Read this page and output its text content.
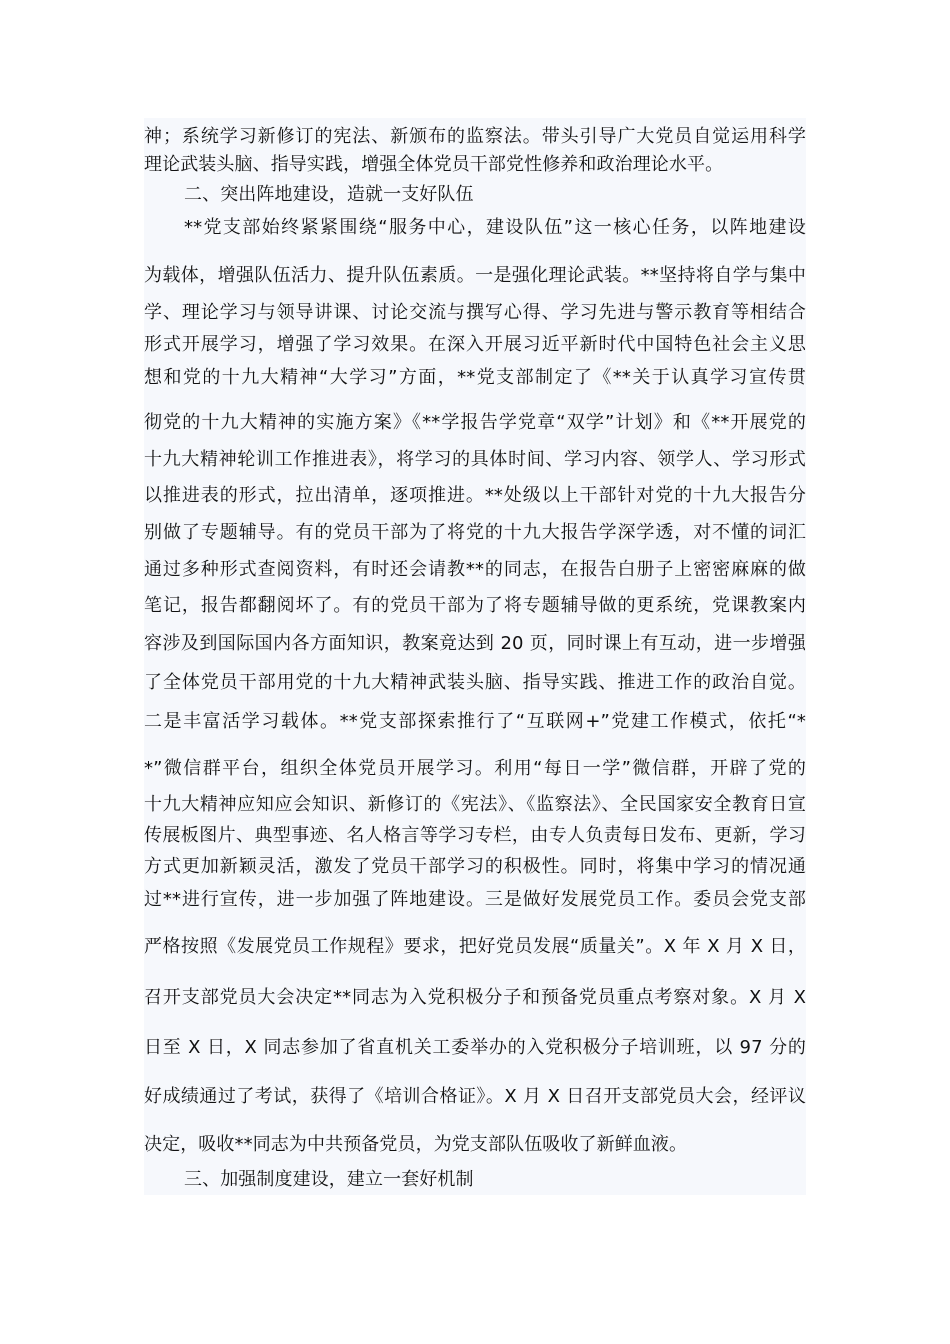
神；系统学习新修订的宪法、新颁布的监察法。带头引导广大党员自觉运用科学
理论武装头脑、指导实践，增强全体党员干部党性修养和政治理论水平。
二、突出阵地建设，造就一支好队伍
**党支部始终紧紧围绕“服务中心，建设队伍”这一核心任务，以阵地建设
为载体，增强队伍活力、提升队伍素质。一是强化理论武装。**坚持将自学与集中
学、理论学习与领导讲课、讨论交流与撰写心得、学习先进与警示教育等相结合
形式开展学习，增强了学习效果。在深入开展习近平新时代中国特色社会主义思
想和党的十九大精神“大学习”方面，**党支部制定了《**关于认真学习宣传贯
彻党的十九大精神的实施方案》《**学报告学党章“双学”计划》和《**开展党的
十九大精神轮训工作推进表》，将学习的具体时间、学习内容、领学人、学习形式
以推进表的形式，拉出清单，逐项推进。**处级以上干部针对党的十九大报告分
别做了专题辅导。有的党员干部为了将党的十九大报告学深学透，对不懂的词汇
通过多种形式查阅资料，有时还会请教**的同志，在报告白册子上密密麻麻的做
笔记，报告都翻阅坏了。有的党员干部为了将专题辅导做的更系统，党课教案内
容涉及到国际国内各方面知识，教案竟达到 20 页，同时课上有互动，进一步增强
了全体党员干部用党的十九大精神武装头脑、指导实践、推进工作的政治自觉。
二是丰富活学习载体。**党支部探索推行了“互联网+”党建工作模式，依托“*
*”微信群平台，组织全体党员开展学习。利用“每日一学”微信群，开辟了党的
十九大精神应知应会知识、新修订的《宪法》、《监察法》、全民国家安全教育日宣
传展板图片、典型事迹、名人格言等学习专栏，由专人负责每日发布、更新，学习
方式更加新颖灵活，激发了党员干部学习的积极性。同时，将集中学习的情况通
过**进行宣传，进一步加强了阵地建设。三是做好发展党员工作。委员会党支部
严格按照《发展党员工作规程》要求，把好党员发展“质量关”。X 年 X 月 X 日，
召开支部党员大会决定**同志为入党积极分子和预备党员重点考察对象。X 月 X
日至 X 日，X 同志参加了省直机关工委举办的入党积极分子培训班，以 97 分的
好成绩通过了考试，获得了《培训合格证》。X 月 X 日召开支部党员大会，经评议
决定，吸收**同志为中共预备党员，为党支部队伍吸收了新鲜血液。
三、加强制度建设，建立一套好机制
